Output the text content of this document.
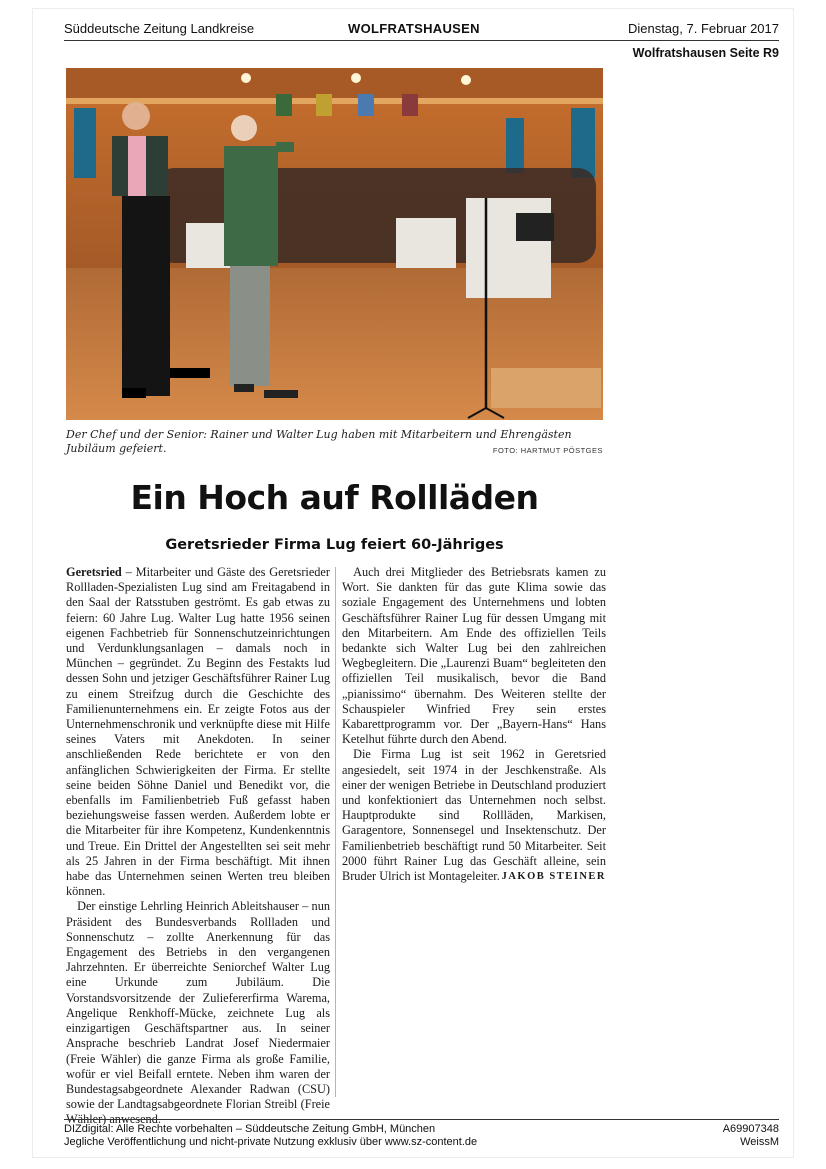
Süddeutsche Zeitung Landkreise	WOLFRATSHAUSEN	Dienstag, 7. Februar 2017
Wolfratshausen Seite R9
Der Chef und der Senior: Rainer und Walter Lug haben mit Mitarbeitern und Ehrengästen Jubiläum gefeiert.	FOTO: HARTMUT PÖSTGES
Ein Hoch auf Rollläden
Geretsrieder Firma Lug feiert 60-Jähriges

Geretsried – Mitarbeiter und Gäste des Geretsrieder Rollladen-Spezialisten Lug sind am Freitagabend in den Saal der Ratsstuben geströmt. Es gab etwas zu feiern: 60 Jahre Lug. Walter Lug hatte 1956 seinen eigenen Fachbetrieb für Sonnenschutzeinrichtungen und Verdunklungsanlagen – damals noch in München – gegründet. Zu Beginn des Festakts lud dessen Sohn und jetziger Geschäftsführer Rainer Lug zu einem Streifzug durch die Geschichte des Familienunternehmens ein. Er zeigte Fotos aus der Unternehmenschronik und verknüpfte diese mit Hilfe seines Vaters mit Anekdoten. In seiner anschließenden Rede berichtete er von den anfänglichen Schwierigkeiten der Firma. Er stellte seine beiden Söhne Daniel und Benedikt vor, die ebenfalls im Familienbetrieb Fuß gefasst haben beziehungsweise fassen werden. Außerdem lobte er die Mitarbeiter für ihre Kompetenz, Kundenkenntnis und Treue. Ein Drittel der Angestellten sei seit mehr als 25 Jahren in der Firma beschäftigt. Mit ihnen habe das Unternehmen seinen Werten treu bleiben können.

Der einstige Lehrling Heinrich Ableitshauser – nun Präsident des Bundesverbands Rollladen und Sonnenschutz – zollte Anerkennung für das Engagement des Betriebs in den vergangenen Jahrzehnten. Er überreichte Seniorchef Walter Lug eine Urkunde zum Jubiläum. Die Vorstandsvorsitzende der Zuliefererfirma Warema, Angelique Renkhoff-Mücke, zeichnete Lug als einzigartigen Geschäftspartner aus. In seiner Ansprache beschrieb Landrat Josef Niedermaier (Freie Wähler) die ganze Firma als große Familie, wofür er viel Beifall erntete. Neben ihm waren der Bundestagsabgeordnete Alexander Radwan (CSU) sowie der Landtagsabgeordnete Florian Streibl (Freie Wähler) anwesend.

Auch drei Mitglieder des Betriebsrats kamen zu Wort. Sie dankten für das gute Klima sowie das soziale Engagement des Unternehmens und lobten Geschäftsführer Rainer Lug für dessen Umgang mit den Mitarbeitern. Am Ende des offiziellen Teils bedankte sich Walter Lug bei den zahlreichen Wegbegleitern. Die „Laurenzi Buam“ begleiteten den offiziellen Teil musikalisch, bevor die Band „pianissimo“ übernahm. Des Weiteren stellte der Schauspieler Winfried Frey sein erstes Kabarettprogramm vor. Der „Bayern-Hans“ Hans Ketelhut führte durch den Abend.

Die Firma Lug ist seit 1962 in Geretsried angesiedelt, seit 1974 in der Jeschkenstraße. Als einer der wenigen Betriebe in Deutschland produziert und konfektioniert das Unternehmen noch selbst. Hauptprodukte sind Rollläden, Markisen, Garagentore, Sonnensegel und Insektenschutz. Der Familienbetrieb beschäftigt rund 50 Mitarbeiter. Seit 2000 führt Rainer Lug das Geschäft alleine, sein Bruder Ulrich ist Montageleiter. JAKOB STEINER
DIZdigital: Alle Rechte vorbehalten – Süddeutsche Zeitung GmbH, München
Jegliche Veröffentlichung und nicht-private Nutzung exklusiv über www.sz-content.de
A69907348
WeissM
